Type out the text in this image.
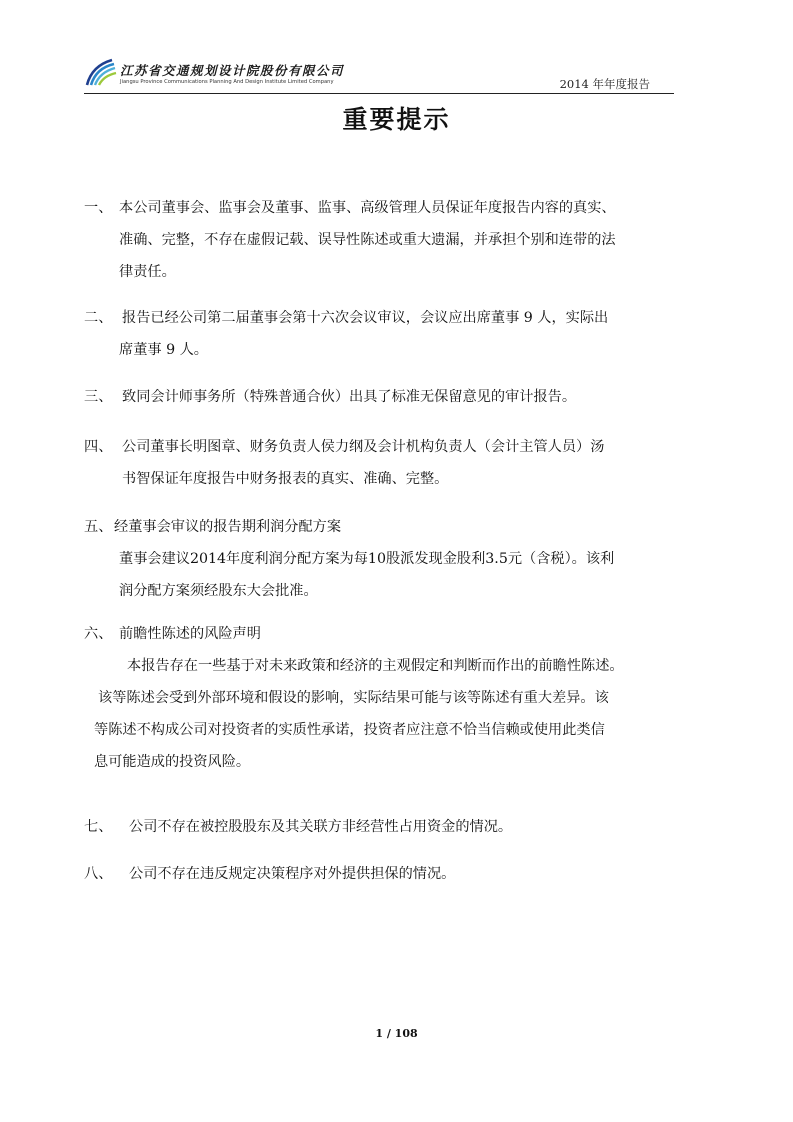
江苏省交通规划设计院股份有限公司
Jiangsu Province Communications Planning And Design Institute Limited Company	2014 年年度报告
重要提示
一、 本公司董事会、监事会及董事、监事、高级管理人员保证年度报告内容的真实、
准确、完整，不存在虚假记载、误导性陈述或重大遗漏，并承担个别和连带的法
律责任。
二、 报告已经公司第二届董事会第十六次会议审议，会议应出席董事 9 人，实际出
席董事 9 人。
三、 致同会计师事务所（特殊普通合伙）出具了标准无保留意见的审计报告。
四、 公司董事长明图章、财务负责人侯力纲及会计机构负责人（会计主管人员）汤
书智保证年度报告中财务报表的真实、准确、完整。
五、 经董事会审议的报告期利润分配方案
董事会建议2014年度利润分配方案为每10股派发现金股利3.5元（含税）。该利
润分配方案须经股东大会批准。
六、 前瞻性陈述的风险声明
本报告存在一些基于对未来政策和经济的主观假定和判断而作出的前瞻性陈述。
该等陈述会受到外部环境和假设的影响，实际结果可能与该等陈述有重大差异。该
等陈述不构成公司对投资者的实质性承诺，投资者应注意不恰当信赖或使用此类信
息可能造成的投资风险。
七、	公司不存在被控股股东及其关联方非经营性占用资金的情况。
八、	公司不存在违反规定决策程序对外提供担保的情况。
1 / 108
